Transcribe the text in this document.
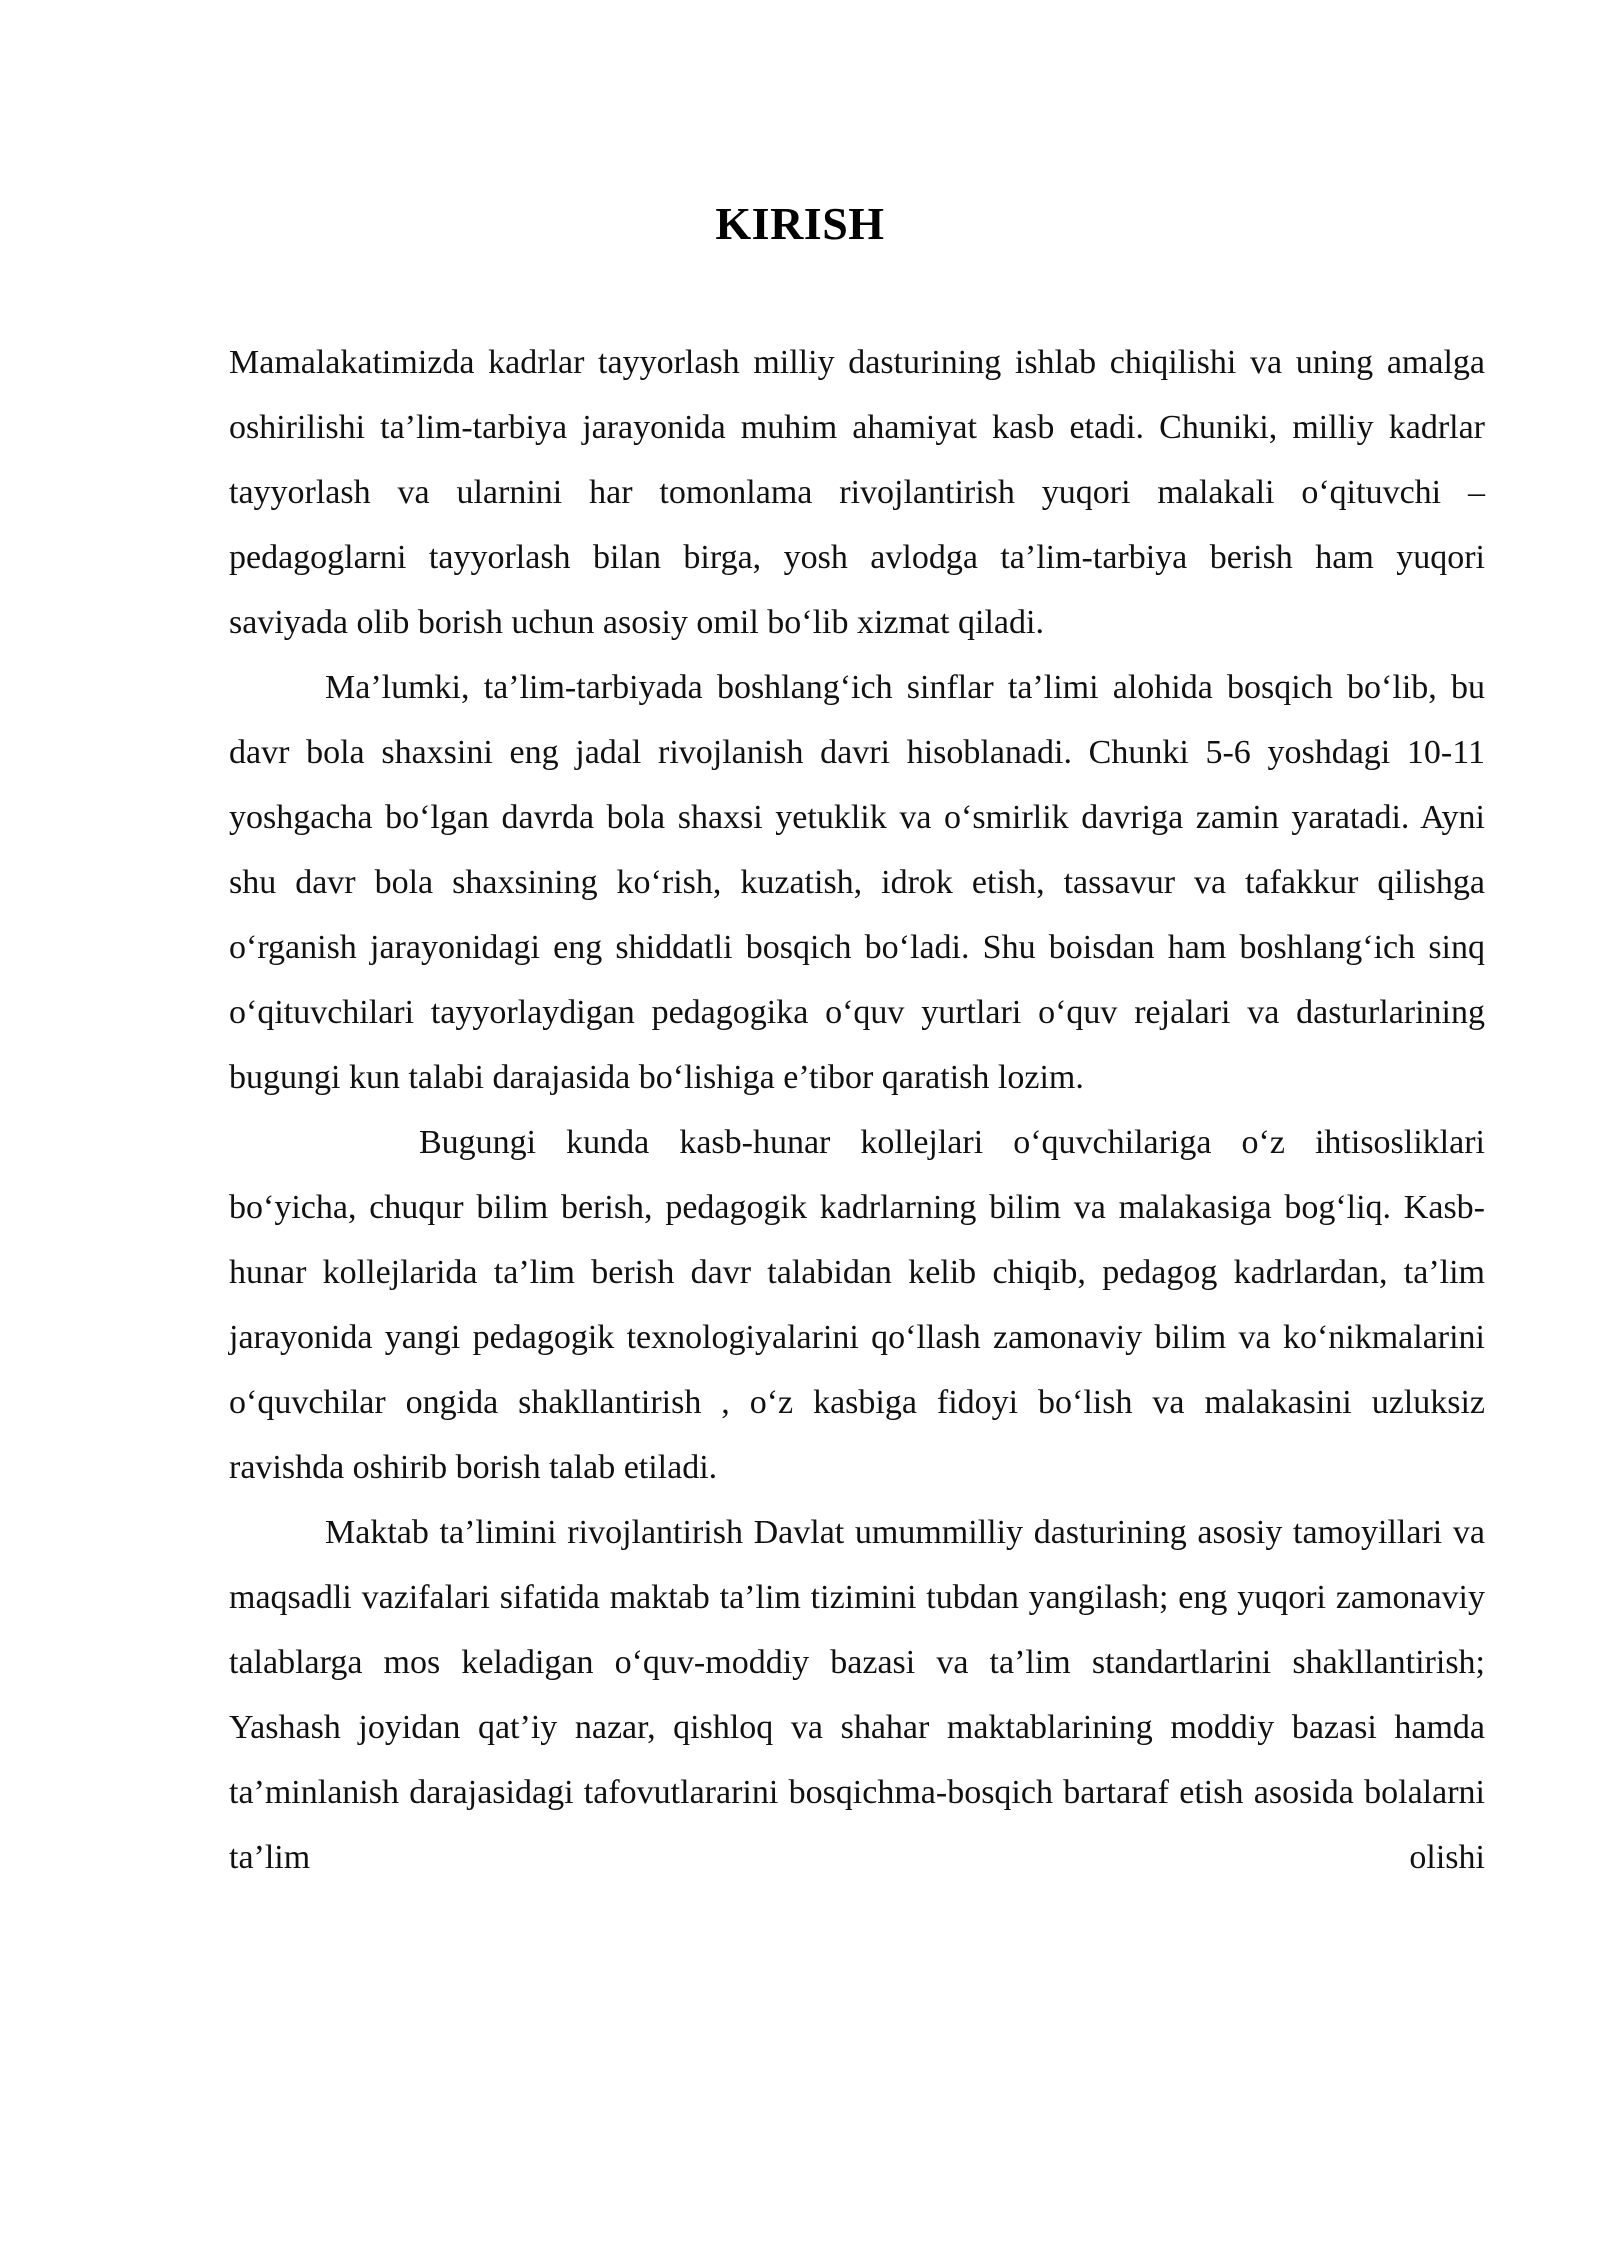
KIRISH

Mamalakatimizda kadrlar tayyorlash milliy dasturining ishlab chiqilishi va uning amalga oshirilishi ta’lim-tarbiya jarayonida muhim ahamiyat kasb etadi. Chuniki, milliy kadrlar tayyorlash va ularnini har tomonlama rivojlantirish yuqori malakali o‘qituvchi –pedagoglarni tayyorlash bilan birga, yosh avlodga ta’lim-tarbiya berish ham yuqori saviyada olib borish uchun asosiy omil bo‘lib xizmat qiladi.

Ma’lumki, ta’lim-tarbiyada boshlang‘ich sinflar ta’limi alohida bosqich bo‘lib, bu davr bola shaxsini eng jadal rivojlanish davri hisoblanadi. Chunki 5-6 yoshdagi 10-11 yoshgacha bo‘lgan davrda bola shaxsi yetuklik va o‘smirlik davriga zamin yaratadi. Ayni shu davr bola shaxsining ko‘rish, kuzatish, idrok etish, tassavur va tafakkur qilishga o‘rganish jarayonidagi eng shiddatli bosqich bo‘ladi. Shu boisdan ham boshlang‘ich sinq o‘qituvchilari tayyorlaydigan pedagogika o‘quv yurtlari o‘quv rejalari va dasturlarining bugungi kun talabi darajasida bo‘lishiga e’tibor qaratish lozim.

Bugungi kunda kasb-hunar kollejlari o‘quvchilariga o‘z ihtisosliklari bo‘yicha, chuqur bilim berish, pedagogik kadrlarning bilim va malakasiga bog‘liq. Kasb-hunar kollejlarida ta’lim berish davr talabidan kelib chiqib, pedagog kadrlardan, ta’lim jarayonida yangi pedagogik texnologiyalarini qo‘llash zamonaviy bilim va ko‘nikmalarini o‘quvchilar ongida shakllantirish , o‘z kasbiga fidoyi bo‘lish va malakasini uzluksiz ravishda oshirib borish talab etiladi.

Maktab ta’limini rivojlantirish Davlat umummilliy dasturining asosiy tamoyillari va maqsadli vazifalari sifatida maktab ta’lim tizimini tubdan yangilash; eng yuqori zamonaviy talablarga mos keladigan o‘quv-moddiy bazasi va ta’lim standartlarini shakllantirish; Yashash joyidan qat’iy nazar, qishloq va shahar maktablarining moddiy bazasi hamda ta’minlanish darajasidagi tafovutlararini bosqichma-bosqich bartaraf etish asosida bolalarni ta’lim olishi
